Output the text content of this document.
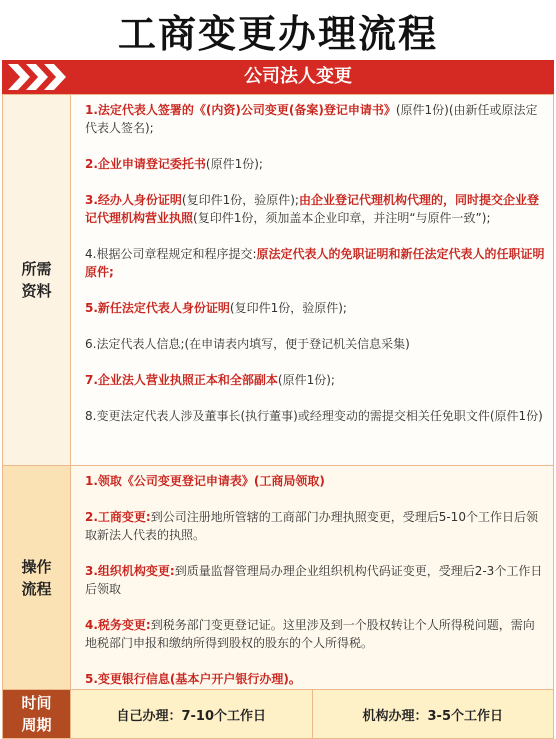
工商变更办理流程
公司法人变更
所需
资料
1.法定代表人签署的《(内资)公司变更(备案)登记申请书》(原件1份)(由新任或原法定代表人签名);
2.企业申请登记委托书(原件1份);
3.经办人身份证明(复印件1份，验原件);由企业登记代理机构代理的，同时提交企业登记代理机构营业执照(复印件1份，须加盖本企业印章，并注明“与原件一致”);
4.根据公司章程规定和程序提交:原法定代表人的免职证明和新任法定代表人的任职证明原件;
5.新任法定代表人身份证明(复印件1份，验原件);
6.法定代表人信息;(在申请表内填写，便于登记机关信息采集)
7.企业法人营业执照正本和全部副本(原件1份);
8.变更法定代表人涉及董事长(执行董事)或经理变动的需提交相关任免职文件(原件1份)
操作
流程
1.领取《公司变更登记申请表》(工商局领取)
2.工商变更:到公司注册地所管辖的工商部门办理执照变更，受理后5-10个工作日后领取新法人代表的执照。
3.组织机构变更:到质量监督管理局办理企业组织机构代码证变更，受理后2-3个工作日后领取
4.税务变更:到税务部门变更登记证。这里涉及到一个股权转让个人所得税问题，需向地税部门申报和缴纳所得到股权的股东的个人所得税。
5.变更银行信息(基本户开户银行办理)。
时间
周期	自己办理：7-10个工作日	机构办理：3-5个工作日
